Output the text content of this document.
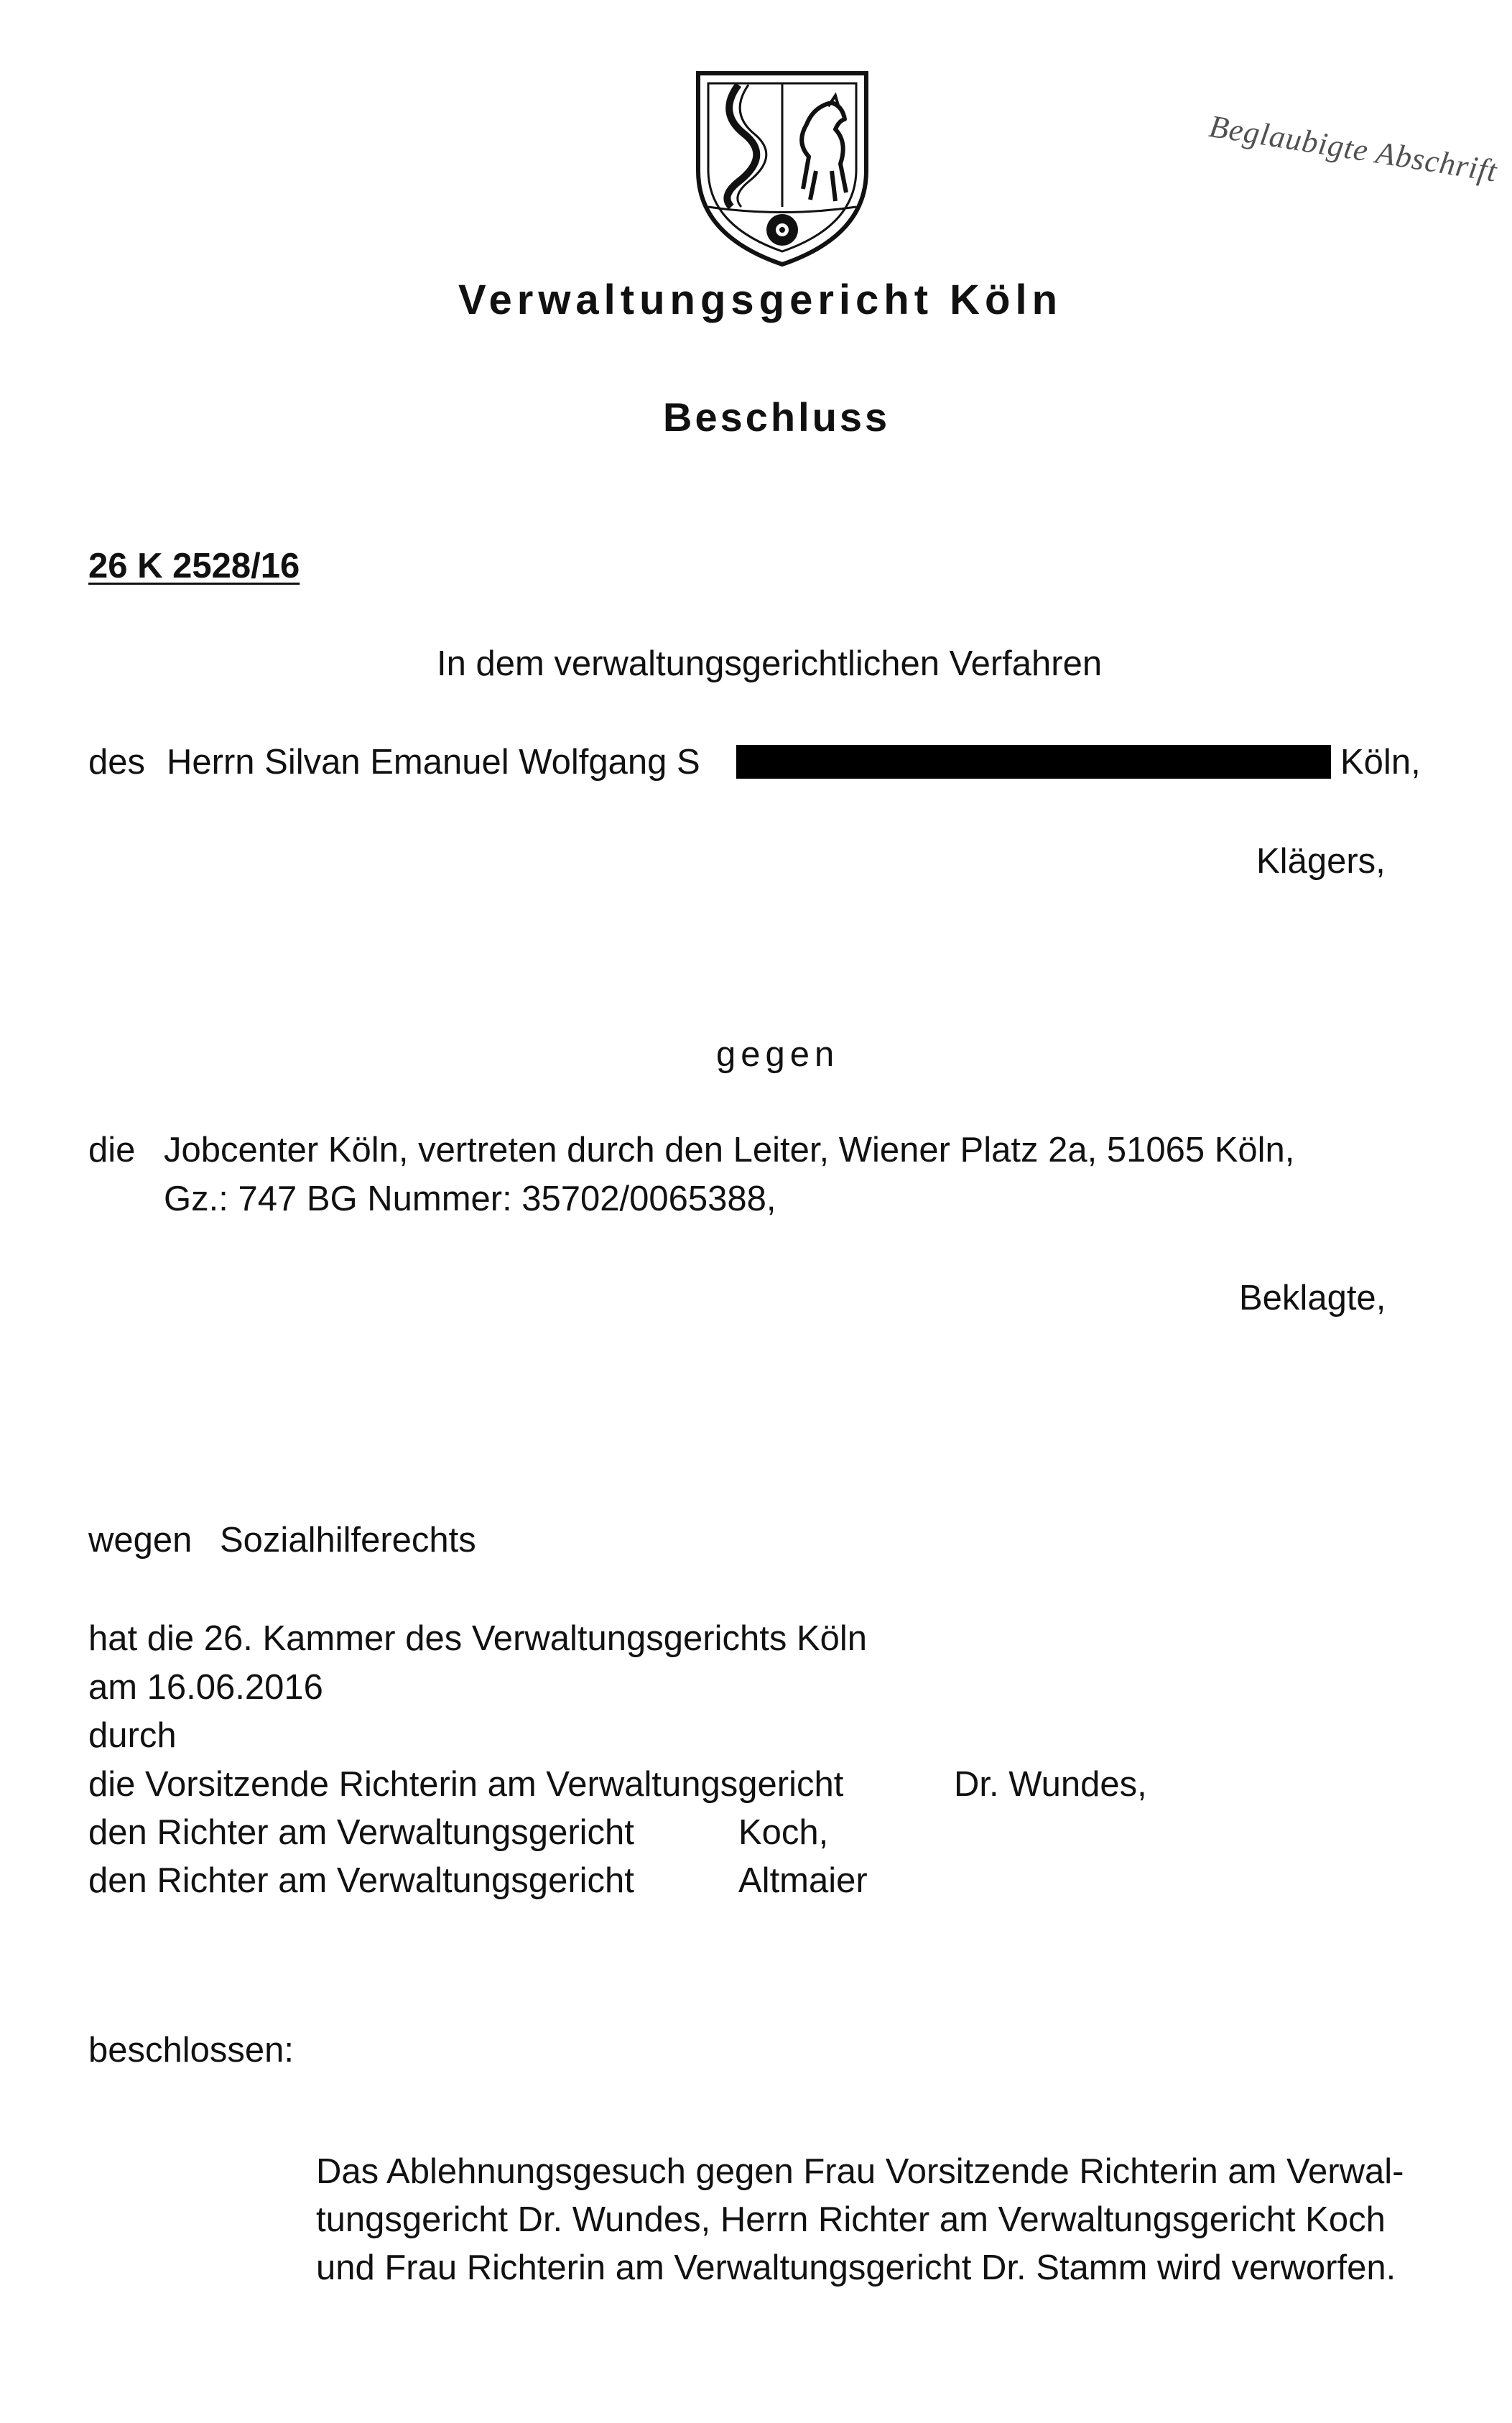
Beglaubigte Abschrift
Verwaltungsgericht Köln
Beschluss
26 K 2528/16
In dem verwaltungsgerichtlichen Verfahren
des Herrn Silvan Emanuel Wolfgang S	Köln,
Klägers,
gegen
die Jobcenter Köln, vertreten durch den Leiter, Wiener Platz 2a, 51065 Köln,
Gz.: 747 BG Nummer: 35702/0065388,
Beklagte,
wegen Sozialhilferechts
hat die 26. Kammer des Verwaltungsgerichts Köln
am 16.06.2016
durch
die Vorsitzende Richterin am Verwaltungsgericht	Dr. Wundes,
den Richter am Verwaltungsgericht	Koch,
den Richter am Verwaltungsgericht	Altmaier
beschlossen:
Das Ablehnungsgesuch gegen Frau Vorsitzende Richterin am Verwal-
tungsgericht Dr. Wundes, Herrn Richter am Verwaltungsgericht Koch
und Frau Richterin am Verwaltungsgericht Dr. Stamm wird verworfen.
